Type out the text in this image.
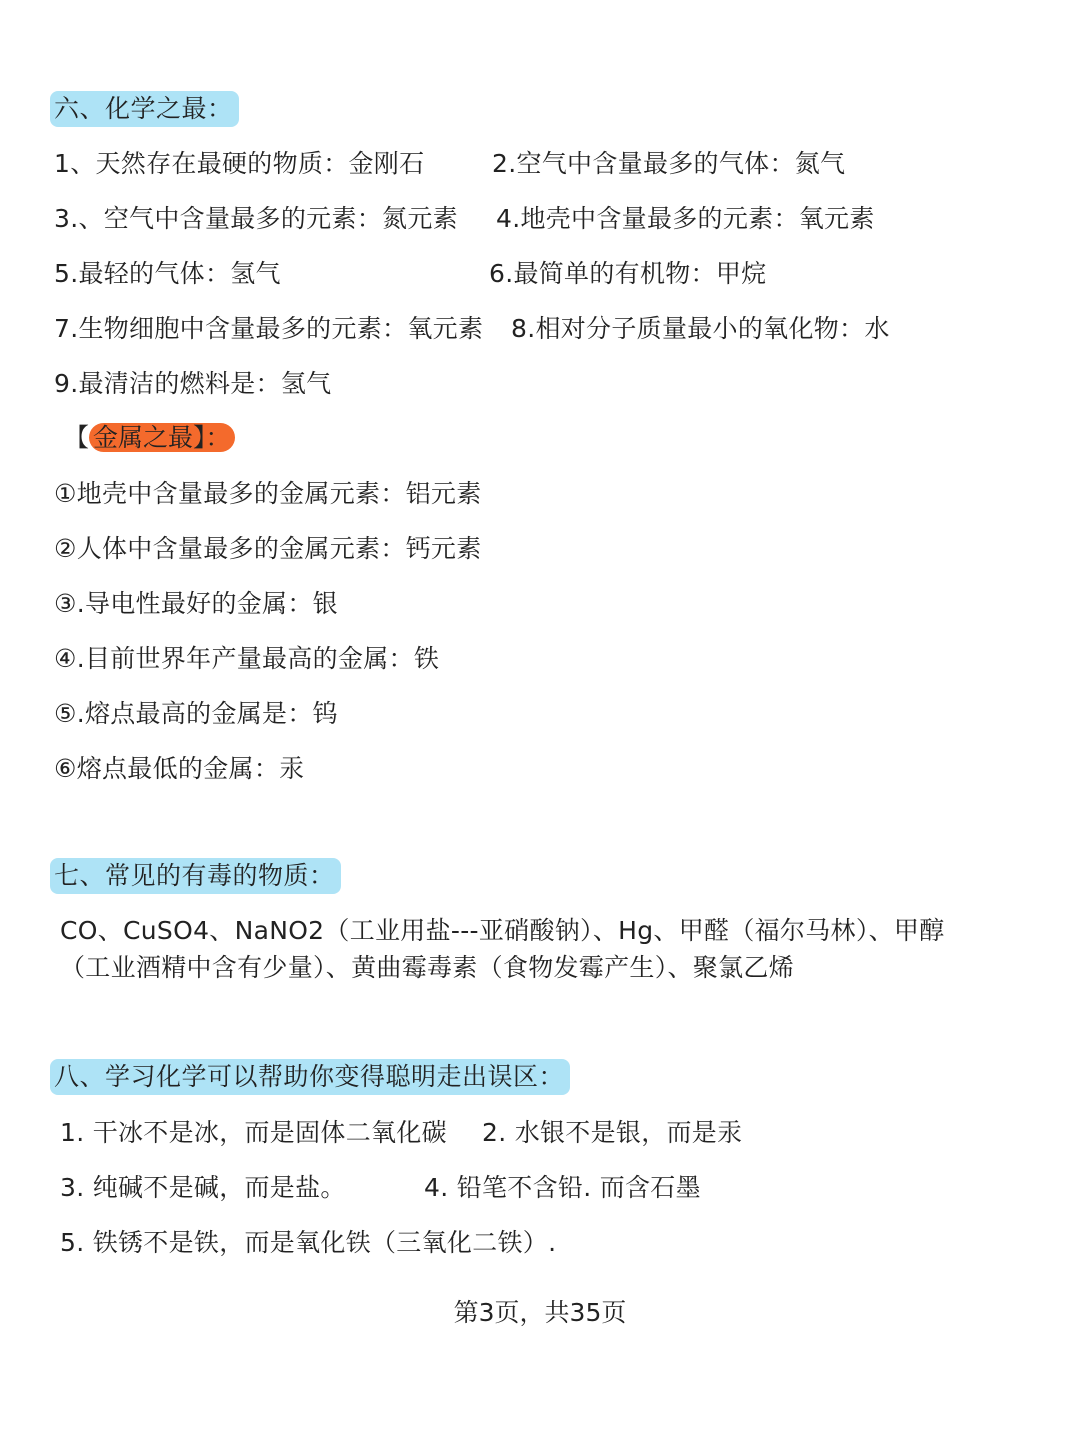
六、化学之最：
1、天然存在最硬的物质：金刚石	2.空气中含量最多的气体：氮气
3.、空气中含量最多的元素：氮元素 4.地壳中含量最多的元素：氧元素
5.最轻的气体：氢气	6.最简单的有机物：甲烷
7.生物细胞中含量最多的元素：氧元素 8.相对分子质量最小的氧化物：水
9.最清洁的燃料是：氢气
【 金属之最】：
①地壳中含量最多的金属元素：铝元素
②人体中含量最多的金属元素：钙元素
③.导电性最好的金属：银
④.目前世界年产量最高的金属：铁
⑤.熔点最高的金属是：钨
⑥熔点最低的金属：汞
七、常见的有毒的物质：
CO、CuSO4、NaNO2（工业用盐---亚硝酸钠）、Hg、甲醛（福尔马林）、甲醇
（工业酒精中含有少量）、黄曲霉毒素（食物发霉产生）、聚氯乙烯
八、学习化学可以帮助你变得聪明走出误区：
1. 干冰不是冰，而是固体二氧化碳 2. 水银不是银，而是汞
3. 纯碱不是碱，而是盐。	4. 铅笔不含铅. 而含石墨
5. 铁锈不是铁，而是氧化铁（三氧化二铁）.
第3页，共35页
